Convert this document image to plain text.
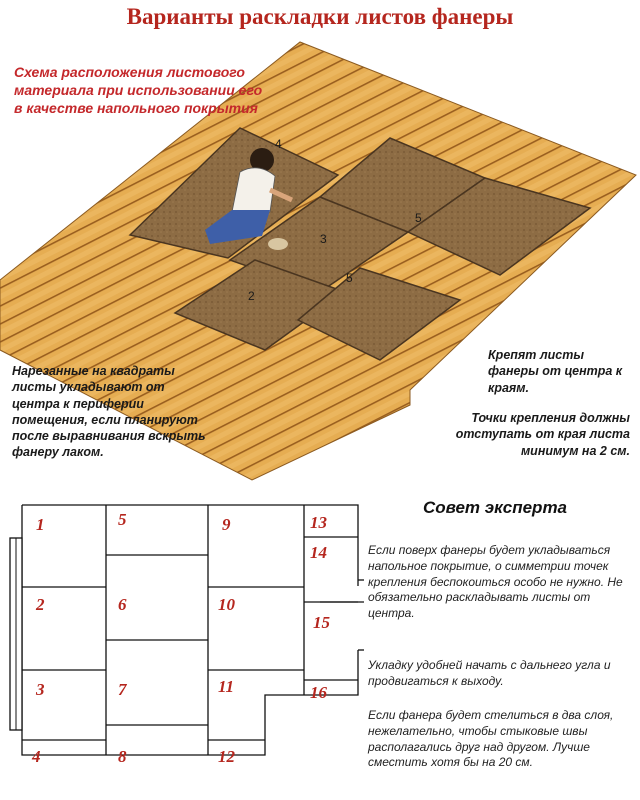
Варианты раскладки листов фанеры
4
3
2
5
5
Схема расположения листового материала при использовании его в качестве напольного покрытия
Нарезанные на квадраты листы укладывают от центра к периферии помещения, если планируют после выравнивания вскрыть фанеру лаком.
Крепят листы фанеры от центра к краям.
Точки крепления должны отступать от края листа минимум на 2 см.
1
2
3
4
5
6
7
8
9
10
11
12
13
14
15
16
Совет эксперта
Если поверх фанеры будет укладываться напольное покрытие, о симметрии точек крепления беспокоиться особо не нужно. Не обязательно раскладывать листы от центра.
Укладку удобней начать с дальнего угла и продвигаться к выходу.
Если фанера будет стелиться в два слоя, нежелательно, чтобы стыковые швы располагались друг над другом. Лучше сместить хотя бы на 20 см.
